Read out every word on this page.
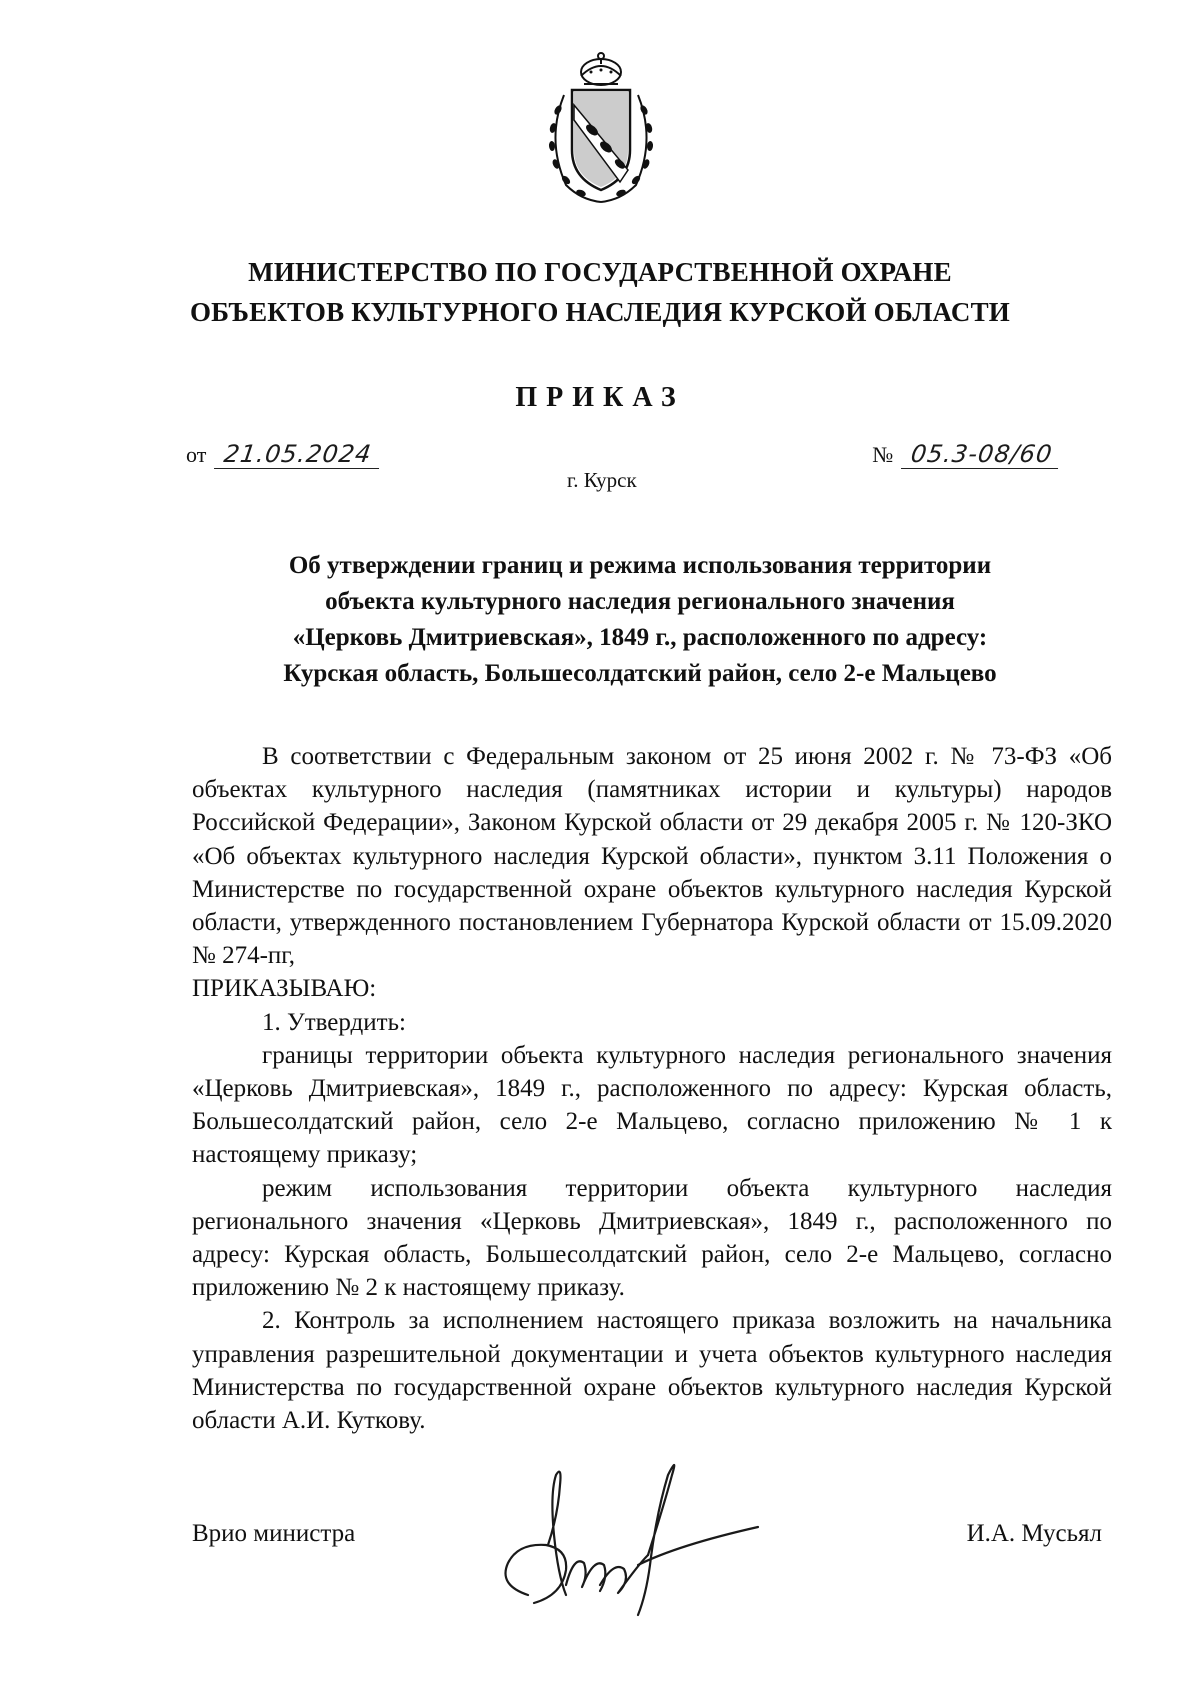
МИНИСТЕРСТВО ПО ГОСУДАРСТВЕННОЙ ОХРАНЕ
ОБЪЕКТОВ КУЛЬТУРНОГО НАСЛЕДИЯ КУРСКОЙ ОБЛАСТИ
ПРИКАЗ
от 21.05.2024	№ 05.3-08/60
г. Курск
Об утверждении границ и режима использования территории
объекта культурного наследия регионального значения
«Церковь Дмитриевская», 1849 г., расположенного по адресу:
Курская область, Большесолдатский район, село 2-е Мальцево

В соответствии с Федеральным законом от 25 июня 2002 г. № 73-ФЗ «Об объектах культурного наследия (памятниках истории и культуры) народов Российской Федерации», Законом Курской области от 29 декабря 2005 г. № 120-ЗКО «Об объектах культурного наследия Курской области», пунктом 3.11 Положения о Министерстве по государственной охране объектов культурного наследия Курской области, утвержденного постановлением Губернатора Курской области от 15.09.2020 № 274-пг,

ПРИКАЗЫВАЮ:

1. Утвердить:

границы территории объекта культурного наследия регионального значения «Церковь Дмитриевская», 1849 г., расположенного по адресу: Курская область, Большесолдатский район, село 2-е Мальцево, согласно приложению № 1 к настоящему приказу;

режим использования территории объекта культурного наследия регионального значения «Церковь Дмитриевская», 1849 г., расположенного по адресу: Курская область, Большесолдатский район, село 2-е Мальцево, согласно приложению № 2 к настоящему приказу.

2. Контроль за исполнением настоящего приказа возложить на начальника управления разрешительной документации и учета объектов культурного наследия Министерства по государственной охране объектов культурного наследия Курской области А.И. Куткову.

Врио министра	И.А. Мусьял
